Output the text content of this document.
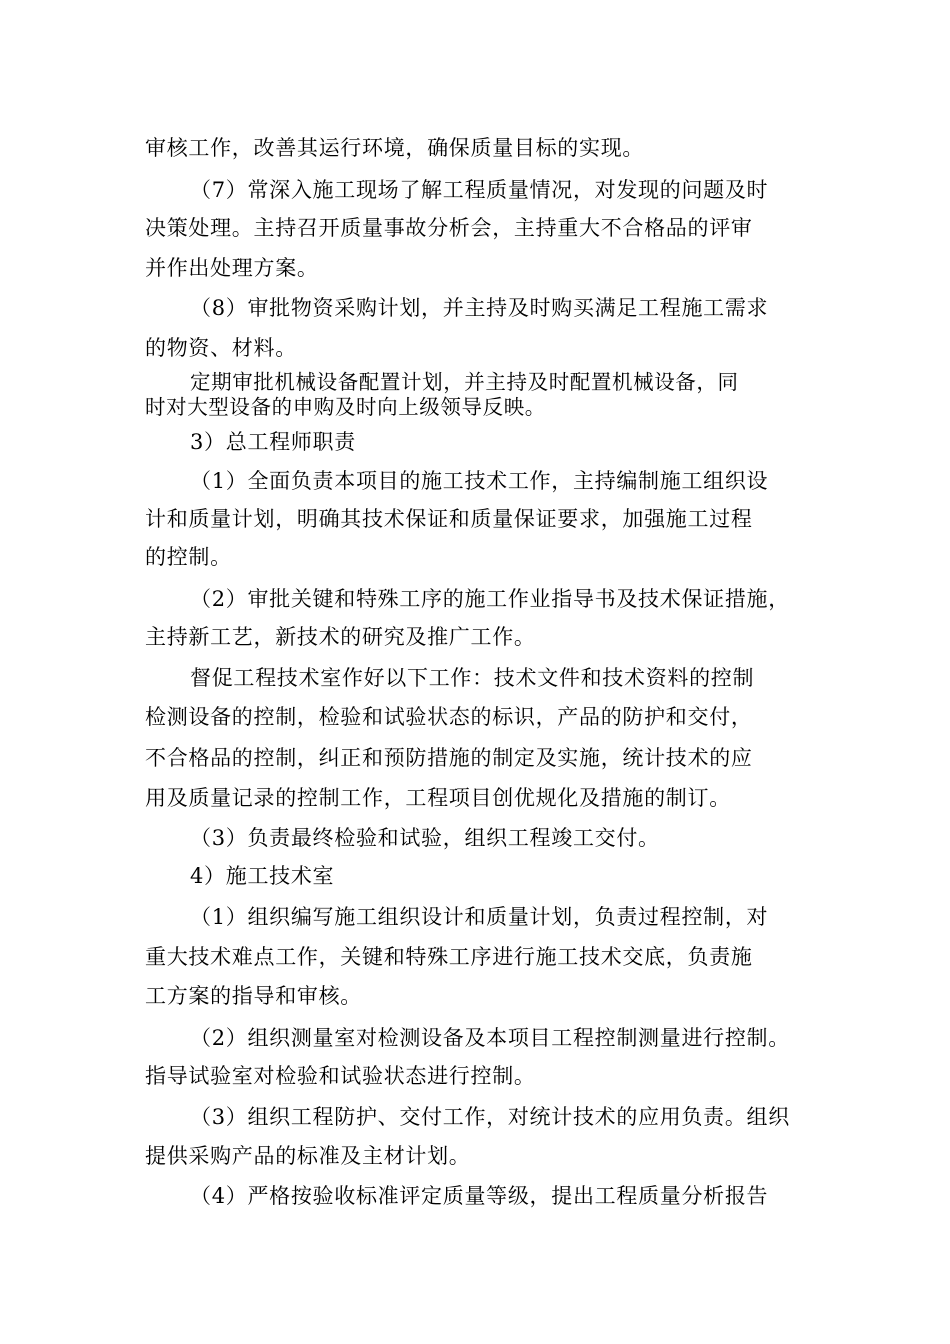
审核工作，改善其运行环境，确保质量目标的实现。
（7）常深入施工现场了解工程质量情况，对发现的问题及时
决策处理。主持召开质量事故分析会，主持重大不合格品的评审
并作出处理方案。
（8）审批物资采购计划，并主持及时购买满足工程施工需求
的物资、材料。
定期审批机械设备配置计划，并主持及时配置机械设备，同
时对大型设备的申购及时向上级领导反映。
3）总工程师职责
（1）全面负责本项目的施工技术工作，主持编制施工组织设
计和质量计划，明确其技术保证和质量保证要求，加强施工过程
的控制。
（2）审批关键和特殊工序的施工作业指导书及技术保证措施，
主持新工艺，新技术的研究及推广工作。
督促工程技术室作好以下工作：技术文件和技术资料的控制
检测设备的控制，检验和试验状态的标识，产品的防护和交付，
不合格品的控制，纠正和预防措施的制定及实施，统计技术的应
用及质量记录的控制工作，工程项目创优规化及措施的制订。
（3）负责最终检验和试验，组织工程竣工交付。
4）施工技术室
（1）组织编写施工组织设计和质量计划，负责过程控制，对
重大技术难点工作，关键和特殊工序进行施工技术交底，负责施
工方案的指导和审核。
（2）组织测量室对检测设备及本项目工程控制测量进行控制。
指导试验室对检验和试验状态进行控制。
（3）组织工程防护、交付工作，对统计技术的应用负责。组织
提供采购产品的标准及主材计划。
（4）严格按验收标准评定质量等级，提出工程质量分析报告
